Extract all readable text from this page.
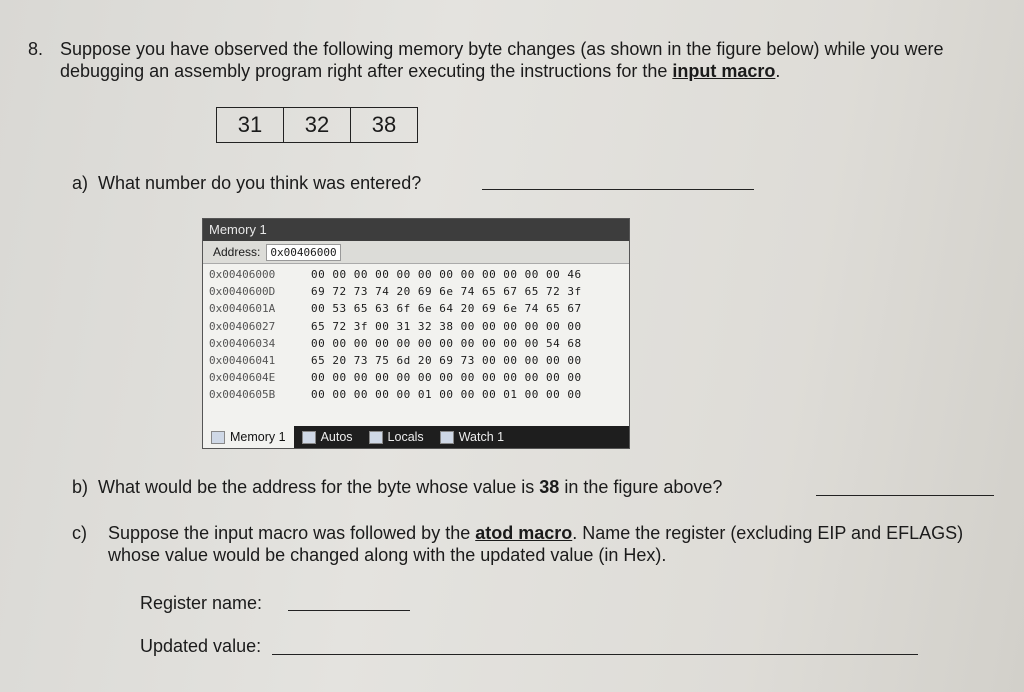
8. Suppose you have observed the following memory byte changes (as shown in the figure below) while you were debugging an assembly program right after executing the instructions for the input macro.
31	32	38
a) What number do you think was entered?
Memory 1
Address: 0x00406000
0x00406000	00 00 00 00 00 00 00 00 00 00 00 00 46
0x0040600D	69 72 73 74 20 69 6e 74 65 67 65 72 3f
0x0040601A	00 53 65 63 6f 6e 64 20 69 6e 74 65 67
0x00406027	65 72 3f 00 31 32 38 00 00 00 00 00 00
0x00406034	00 00 00 00 00 00 00 00 00 00 00 54 68
0x00406041	65 20 73 75 6d 20 69 73 00 00 00 00 00
0x0040604E	00 00 00 00 00 00 00 00 00 00 00 00 00
0x0040605B	00 00 00 00 00 01 00 00 00 01 00 00 00
Memory 1	Autos	Locals	Watch 1
b) What would be the address for the byte whose value is 38 in the figure above?
c) Suppose the input macro was followed by the atod macro. Name the register (excluding EIP and EFLAGS) whose value would be changed along with the updated value (in Hex).
Register name:
Updated value:
